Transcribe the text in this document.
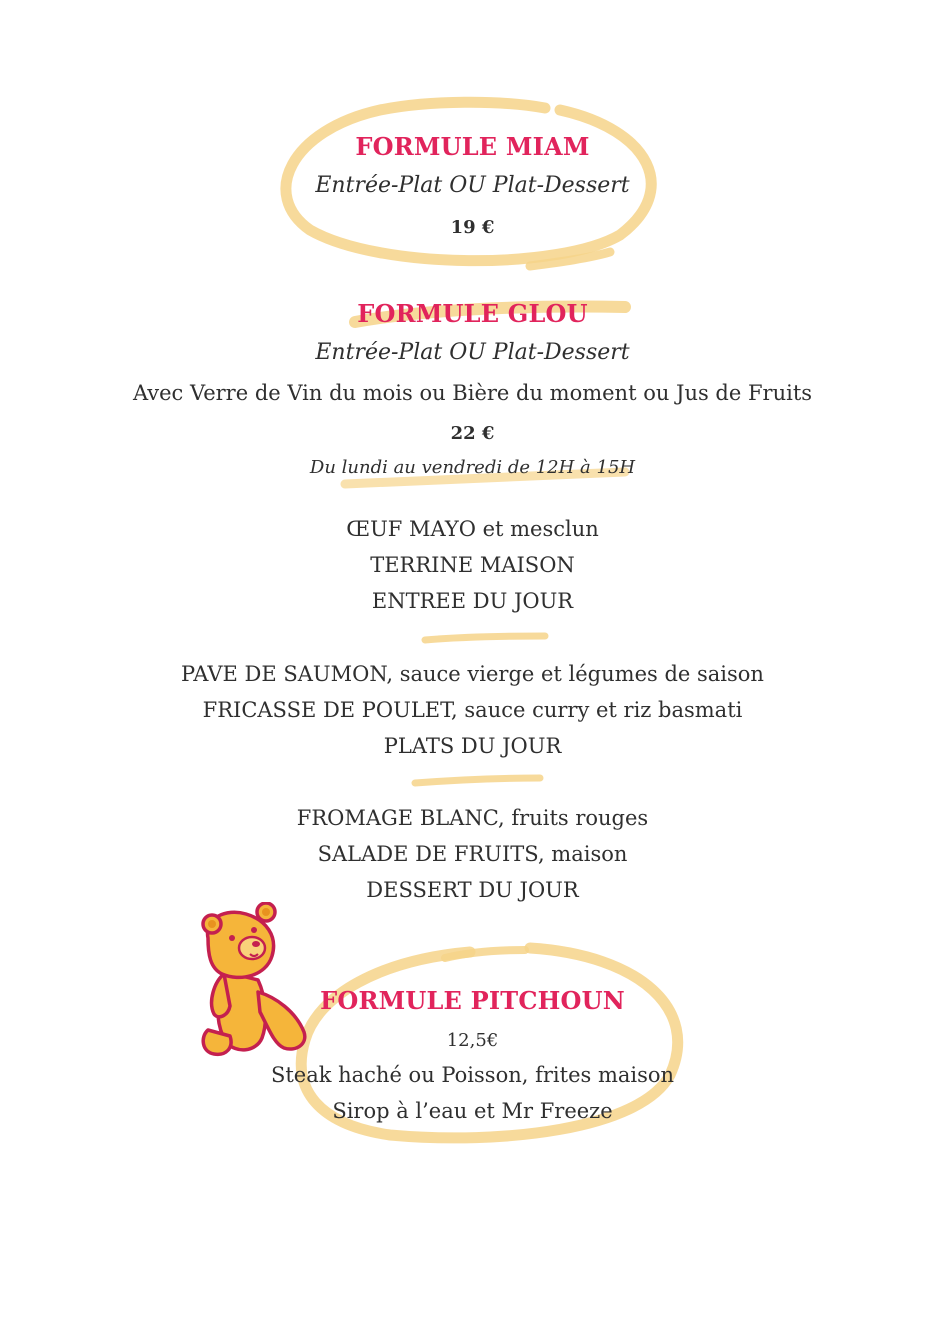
FORMULE MIAM
Entrée-Plat OU Plat-Dessert
19 €
FORMULE GLOU
Entrée-Plat OU Plat-Dessert
Avec Verre de Vin du mois ou Bière du moment ou Jus de Fruits
22 €
Du lundi au vendredi de 12H à 15H
ŒUF MAYO et mesclun
TERRINE MAISON
ENTREE DU JOUR
PAVE DE SAUMON, sauce vierge et légumes de saison
FRICASSE DE POULET, sauce curry et riz basmati
PLATS DU JOUR
FROMAGE BLANC, fruits rouges
SALADE DE FRUITS, maison
DESSERT DU JOUR
FORMULE PITCHOUN
12,5€
Steak haché ou Poisson, frites maison
Sirop à l’eau et Mr Freeze
